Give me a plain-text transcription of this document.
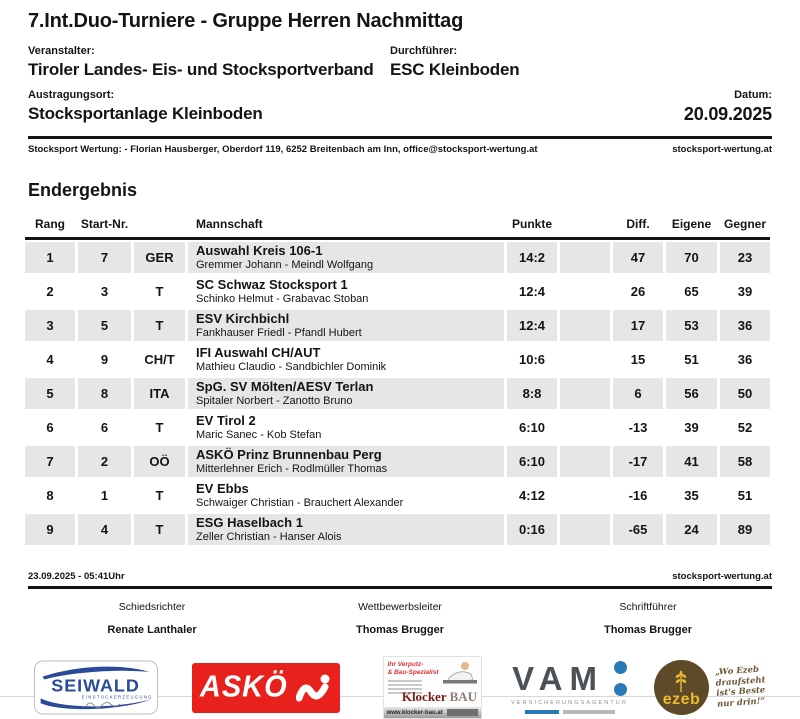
7.Int.Duo-Turniere - Gruppe Herren Nachmittag
Veranstalter:
Tiroler Landes- Eis- und Stocksportverband
Durchführer:
ESC Kleinboden
Austragungsort:
Stocksportanlage Kleinboden
Datum:
20.09.2025
Stocksport Wertung: - Florian Hausberger, Oberdorf 119, 6252 Breitenbach am Inn, office@stocksport-wertung.at	stocksport-wertung.at
Endergebnis
Rang	Start-Nr.	Mannschaft	Punkte	Diff.	Eigene	Gegner
1	7	GER	Auswahl Kreis 106-1
Gremmer Johann - Meindl Wolfgang	14:2	47	70	23
2	3	T	SC Schwaz Stocksport 1
Schinko Helmut - Grabavac Stoban	12:4	26	65	39
3	5	T	ESV Kirchbichl
Fankhauser Friedl - Pfandl Hubert	12:4	17	53	36
4	9	CH/T	IFI Auswahl CH/AUT
Mathieu Claudio - Sandbichler Dominik	10:6	15	51	36
5	8	ITA	SpG. SV Mölten/AESV Terlan
Spitaler Norbert - Zanotto Bruno	8:8	6	56	50
6	6	T	EV Tirol 2
Maric Sanec - Kob Stefan	6:10	-13	39	52
7	2	OÖ	ASKÖ Prinz Brunnenbau Perg
Mitterlehner Erich - Rodlmüller Thomas	6:10	-17	41	58
8	1	T	EV Ebbs
Schwaiger Christian - Brauchert Alexander	4:12	-16	35	51
9	4	T	ESG Haselbach 1
Zeller Christian - Hanser Alois	0:16	-65	24	89
23.09.2025 - 05:41Uhr	stocksport-wertung.at
Schiedsrichter
Renate Lanthaler
Wettbewerbsleiter
Thomas Brugger
Schriftführer
Thomas Brugger
SEIWALD
EINSTOCKERZEUGUNG ASKÖ
Ihr Verputz-
& Bau-Spezialist
Klocker BAU
www.klocker-bau.at
VAM
VERSICHERUNGSAGENTUR ezeb
„Wo Ezeb
draufsteht
ist's Beste
nur drin!“
